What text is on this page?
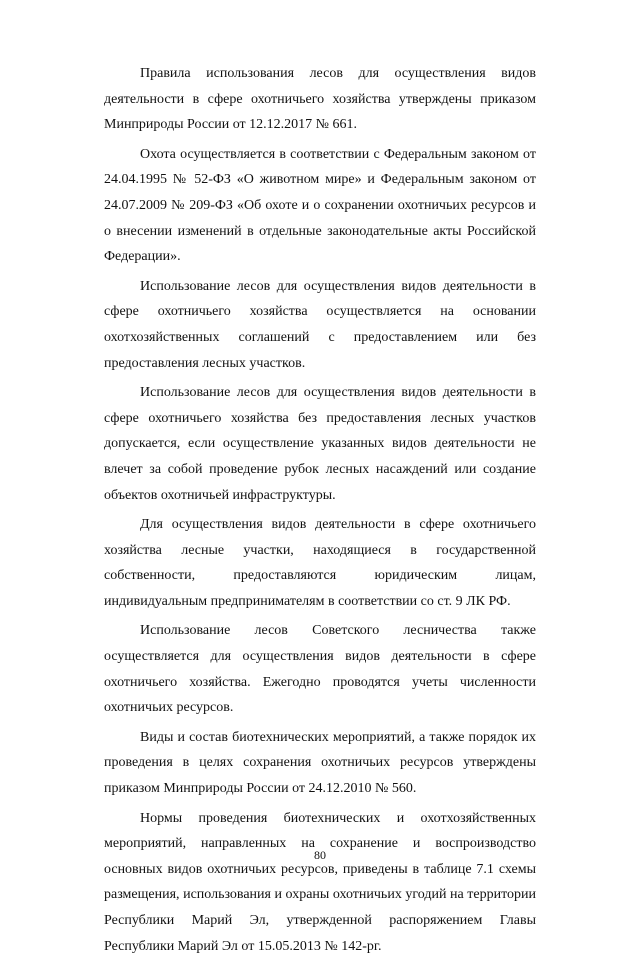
Правила использования лесов для осуществления видов деятельности в сфере охотничьего хозяйства утверждены приказом Минприроды России от 12.12.2017 № 661.

Охота осуществляется в соответствии с Федеральным законом от 24.04.1995 № 52-ФЗ «О животном мире» и Федеральным законом от 24.07.2009 № 209-ФЗ «Об охоте и о сохранении охотничьих ресурсов и о внесении изменений в отдельные законодательные акты Российской Федерации».

Использование лесов для осуществления видов деятельности в сфере охотничьего хозяйства осуществляется на основании охотхозяйственных соглашений с предоставлением или без предоставления лесных участков.

Использование лесов для осуществления видов деятельности в сфере охотничьего хозяйства без предоставления лесных участков допускается, если осуществление указанных видов деятельности не влечет за собой проведение рубок лесных насаждений или создание объектов охотничьей инфраструктуры.

Для осуществления видов деятельности в сфере охотничьего хозяйства лесные участки, находящиеся в государственной собственности, предоставляются юридическим лицам, индивидуальным предпринимателям в соответствии со ст. 9 ЛК РФ.

Использование лесов Советского лесничества также осуществляется для осуществления видов деятельности в сфере охотничьего хозяйства. Ежегодно проводятся учеты численности охотничьих ресурсов.

Виды и состав биотехнических мероприятий, а также порядок их проведения в целях сохранения охотничьих ресурсов утверждены приказом Минприроды России от 24.12.2010 № 560.

Нормы проведения биотехнических и охотхозяйственных мероприятий, направленных на сохранение и воспроизводство основных видов охотничьих ресурсов, приведены в таблице 7.1 схемы размещения, использования и охраны охотничьих угодий на территории Республики Марий Эл, утвержденной распоряжением Главы Республики Марий Эл от 15.05.2013 № 142-рг.

80
